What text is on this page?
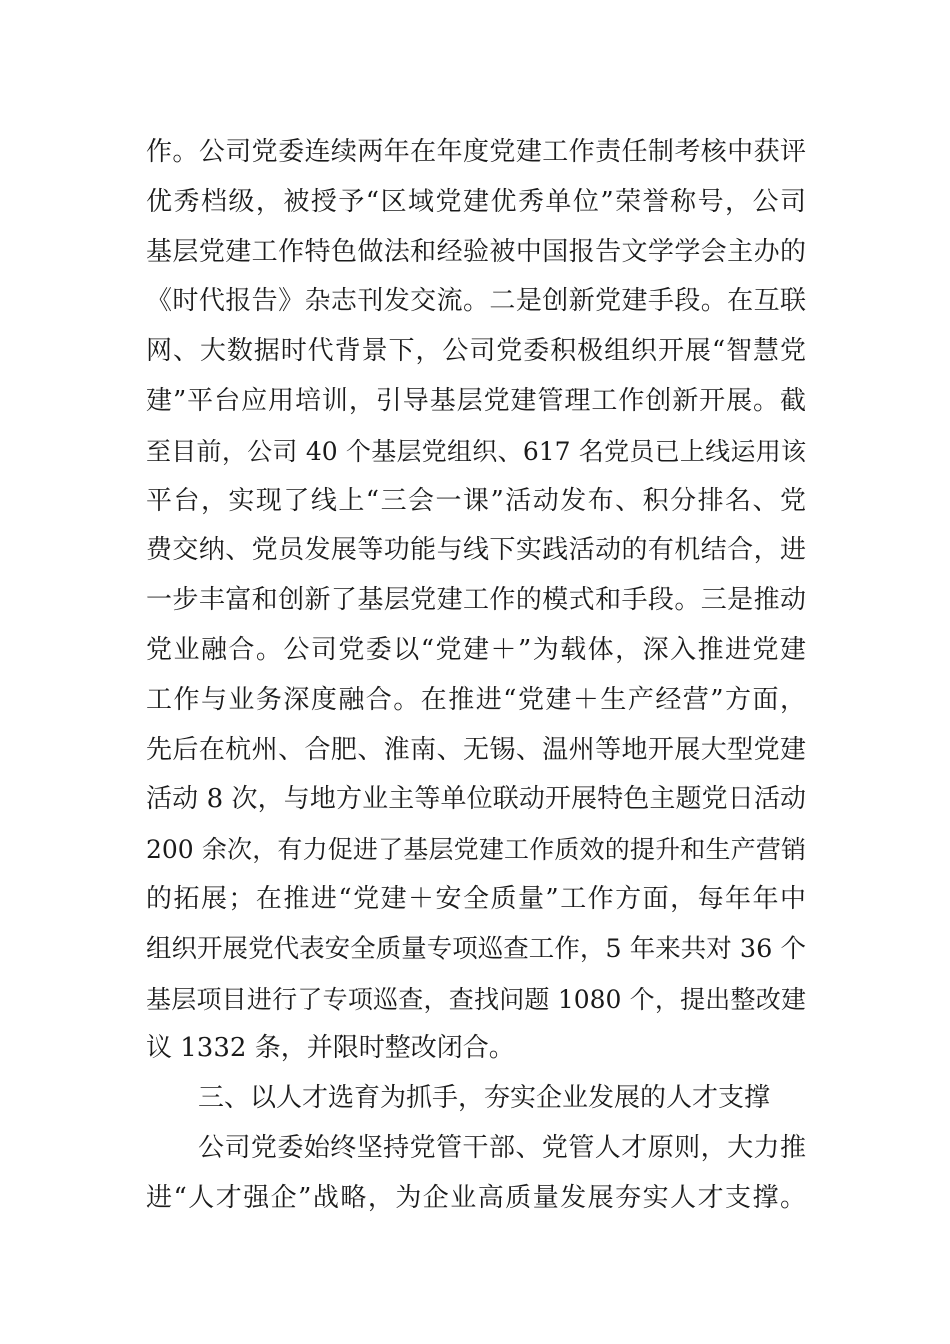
作。公司党委连续两年在年度党建工作责任制考核中获评
优秀档级，被授予“区域党建优秀单位”荣誉称号，公司
基层党建工作特色做法和经验被中国报告文学学会主办的
《时代报告》杂志刊发交流。二是创新党建手段。在互联
网、大数据时代背景下，公司党委积极组织开展“智慧党
建”平台应用培训，引导基层党建管理工作创新开展。截
至目前，公司 40 个基层党组织、617 名党员已上线运用该
平台，实现了线上“三会一课”活动发布、积分排名、党
费交纳、党员发展等功能与线下实践活动的有机结合，进
一步丰富和创新了基层党建工作的模式和手段。三是推动
党业融合。公司党委以“党建＋”为载体，深入推进党建
工作与业务深度融合。在推进“党建＋生产经营”方面，
先后在杭州、合肥、淮南、无锡、温州等地开展大型党建
活动 8 次，与地方业主等单位联动开展特色主题党日活动
200 余次，有力促进了基层党建工作质效的提升和生产营销
的拓展；在推进“党建＋安全质量”工作方面，每年年中
组织开展党代表安全质量专项巡查工作，5 年来共对 36 个
基层项目进行了专项巡查，查找问题 1080 个，提出整改建
议 1332 条，并限时整改闭合。
三、以人才选育为抓手，夯实企业发展的人才支撑
公司党委始终坚持党管干部、党管人才原则，大力推
进“人才强企”战略，为企业高质量发展夯实人才支撑。
